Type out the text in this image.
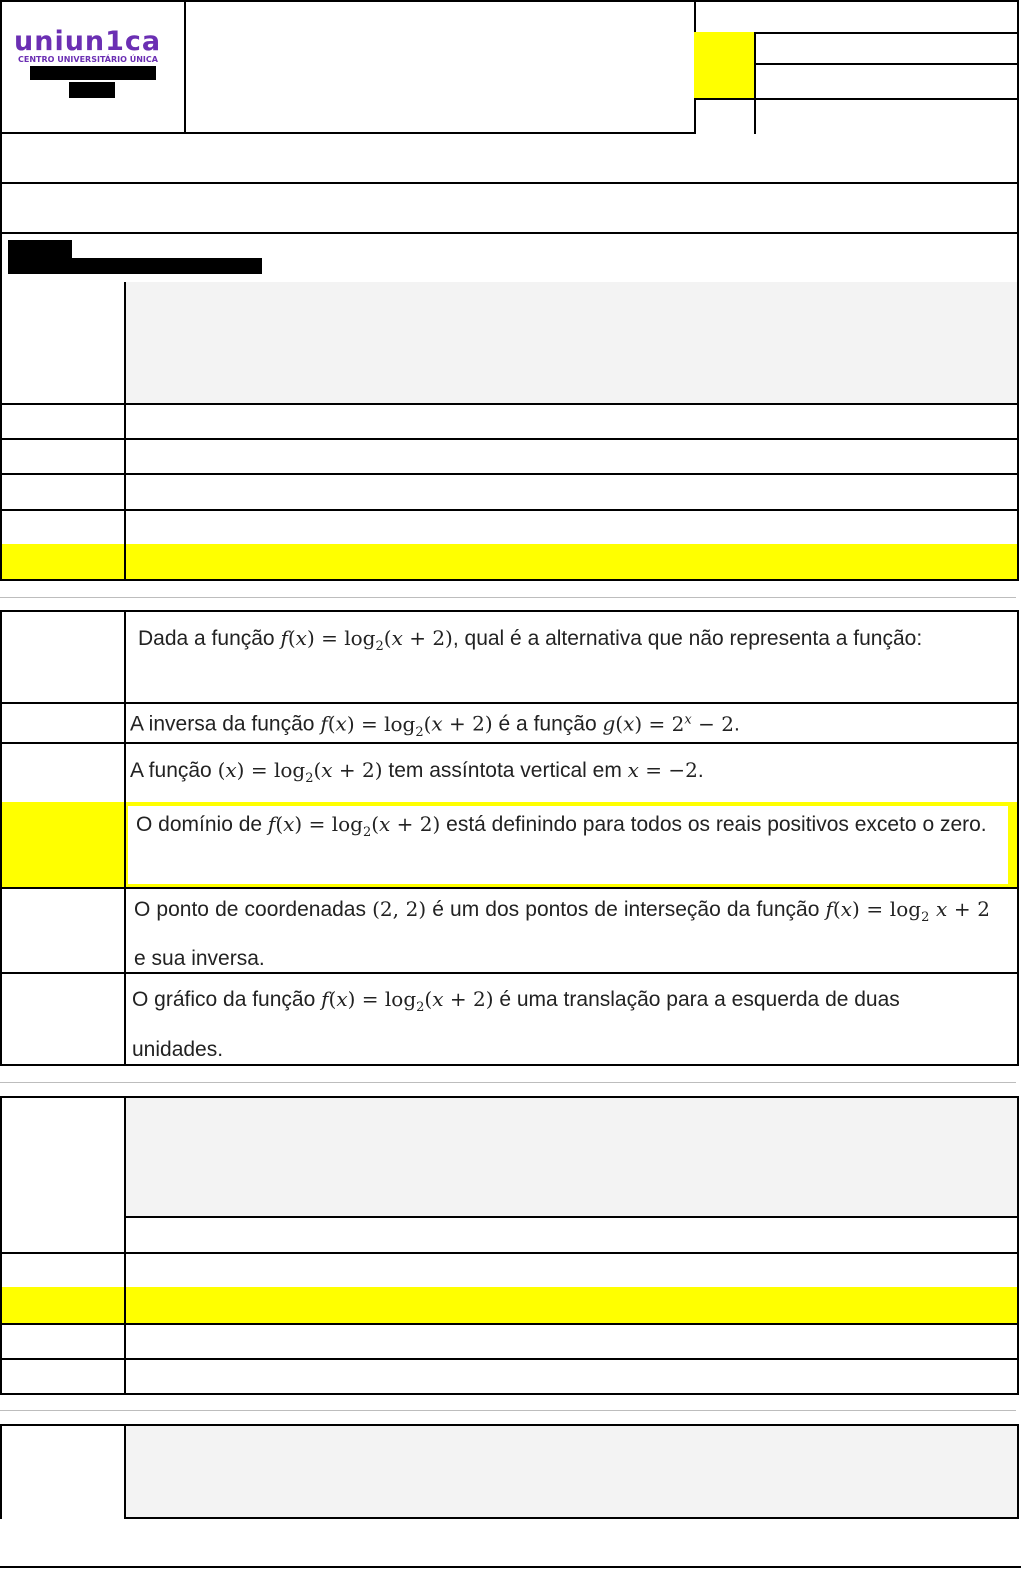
uniun1ca
CENTRO UNIVERSITÁRIO ÚNICA
Dada a função $f(x) = \log_2(x + 2)$, qual é a alternativa que não representa a função:
A inversa da função $f(x) = \log_2(x + 2)$ é a função $g(x) = 2^x - 2$.
A função $(x) = \log_2(x + 2)$ tem assíntota vertical em x = −2.
O domínio de $f(x) = \log_2(x + 2)$ está definindo para todos os reais positivos exceto o zero.
O ponto de coordenadas (2, 2) é um dos pontos de interseção da função $f(x) = \log_2 x + 2$ e sua inversa.
O gráfico da função $f(x) = \log_2(x + 2)$ é uma translação para a esquerda de duas unidades.
